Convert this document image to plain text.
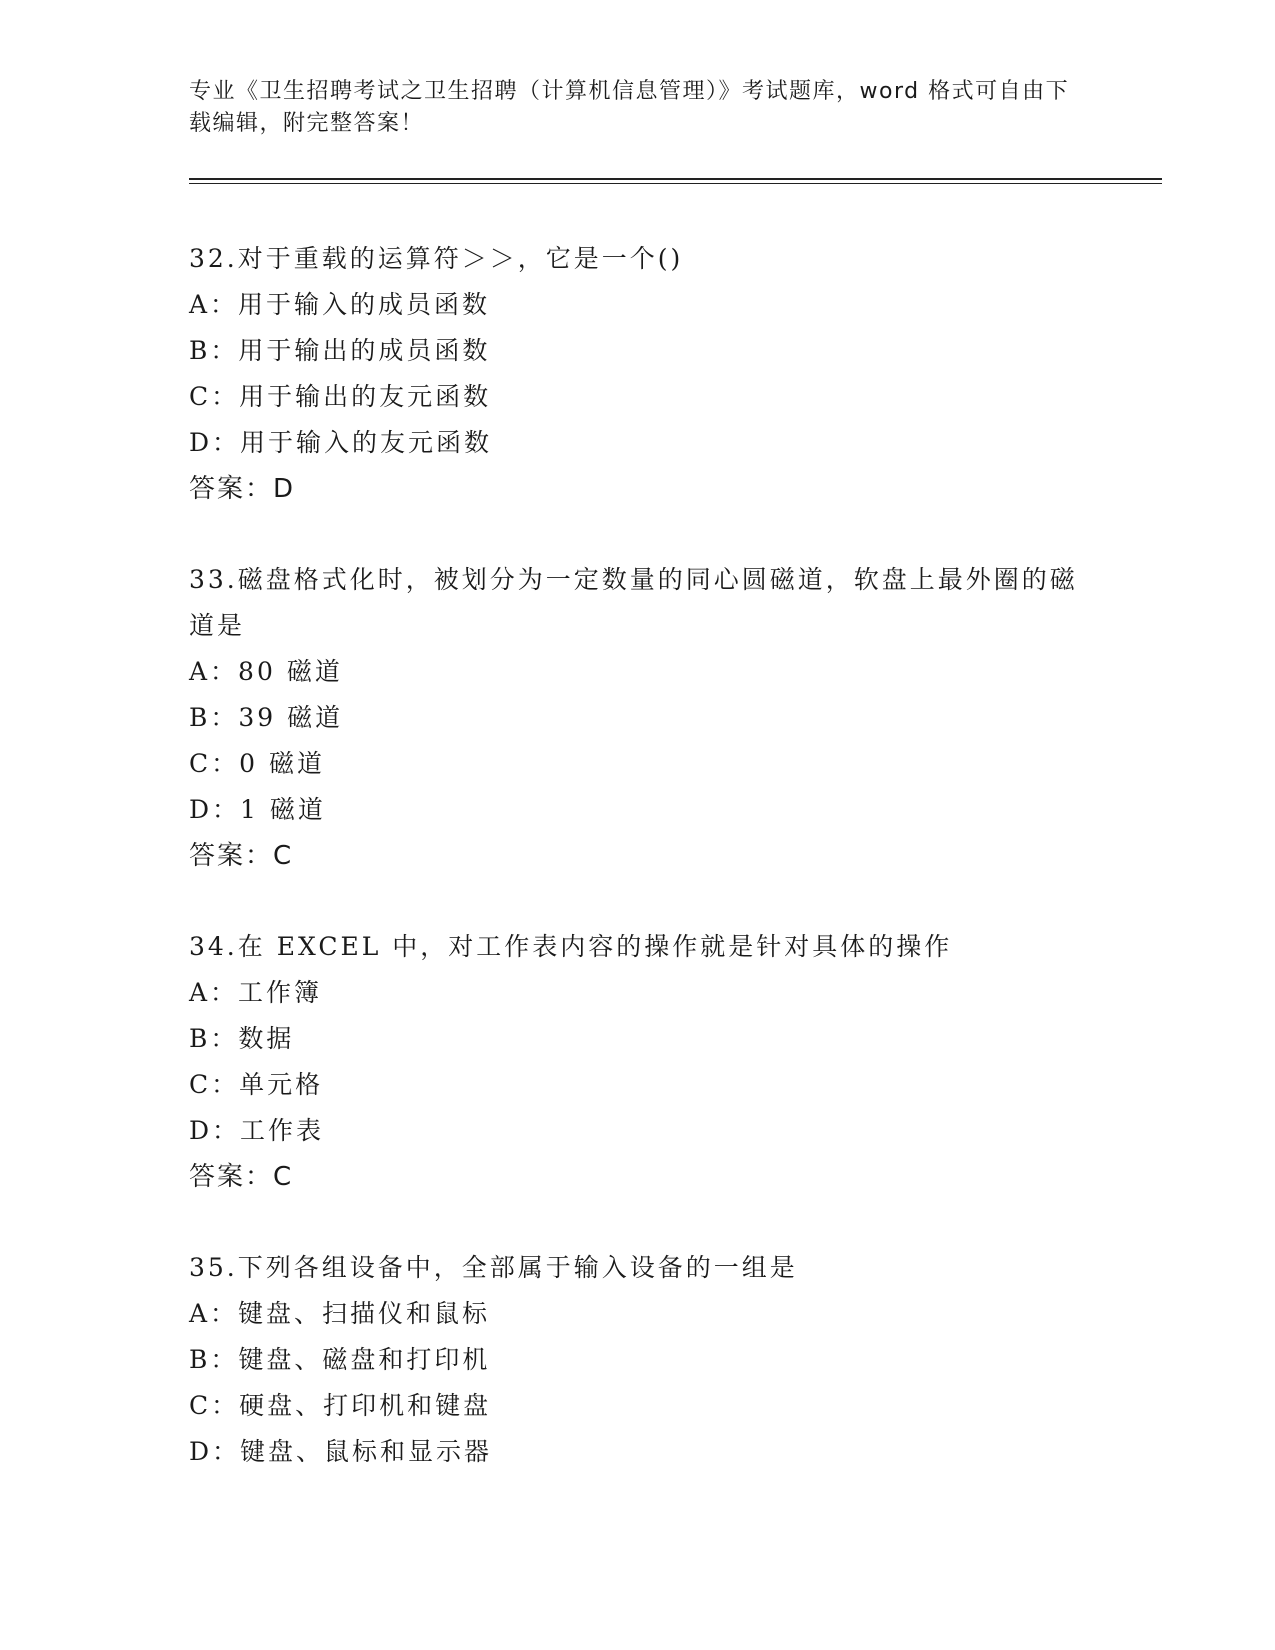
专业《卫生招聘考试之卫生招聘（计算机信息管理）》考试题库，word 格式可自由下载编辑，附完整答案！

32.对于重载的运算符＞＞，它是一个()

A：用于输入的成员函数

B：用于输出的成员函数

C：用于输出的友元函数

D：用于输入的友元函数

答案：D

33.磁盘格式化时，被划分为一定数量的同心圆磁道，软盘上最外圈的磁道是

A：80 磁道

B：39 磁道

C：0 磁道

D：1 磁道

答案：C

34.在 EXCEL 中，对工作表内容的操作就是针对具体的操作

A：工作簿

B：数据

C：单元格

D：工作表

答案：C

35.下列各组设备中，全部属于输入设备的一组是

A：键盘、扫描仪和鼠标

B：键盘、磁盘和打印机

C：硬盘、打印机和键盘

D：键盘、鼠标和显示器
